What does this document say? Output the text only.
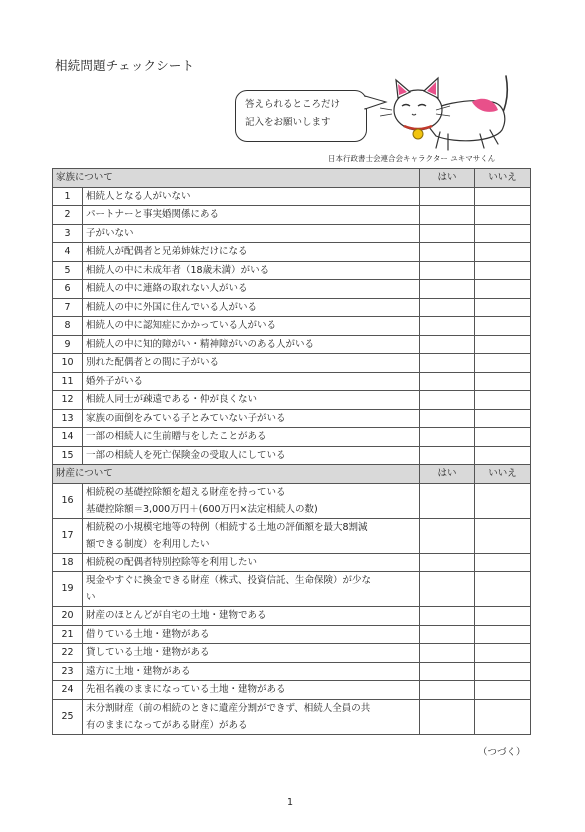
相続問題チェックシート
答えられるところだけ
記入をお願いします
日本行政書士会連合会キャラクター ユキマサくん
家族について		はい	いいえ
1	相続人となる人がいない		
2	パートナーと事実婚関係にある		
3	子がいない		
4	相続人が配偶者と兄弟姉妹だけになる		
5	相続人の中に未成年者（18歳未満）がいる		
6	相続人の中に連絡の取れない人がいる		
7	相続人の中に外国に住んでいる人がいる		
8	相続人の中に認知症にかかっている人がいる		
9	相続人の中に知的障がい・精神障がいのある人がいる		
10	別れた配偶者との間に子がいる		
11	婚外子がいる		
12	相続人同士が疎遠である・仲が良くない		
13	家族の面倒をみている子とみていない子がいる		
14	一部の相続人に生前贈与をしたことがある		
15	一部の相続人を死亡保険金の受取人にしている		
財産について		はい	いいえ
16	相続税の基礎控除額を超える財産を持っている
基礎控除額＝3,000万円＋(600万円×法定相続人の数)		

17	相続税の小規模宅地等の特例（相続する土地の評価額を最大8割減
額できる制度）を利用したい		

18	相続税の配偶者特別控除等を利用したい		
19	現金やすぐに換金できる財産（株式、投資信託、生命保険）が少な
い		

20	財産のほとんどが自宅の土地・建物である		
21	借りている土地・建物がある		
22	貸している土地・建物がある		
23	遠方に土地・建物がある		
24	先祖名義のままになっている土地・建物がある		
25	未分割財産（前の相続のときに遺産分割ができず、相続人全員の共
有のままになってがある財産）がある		

（つづく）
1
